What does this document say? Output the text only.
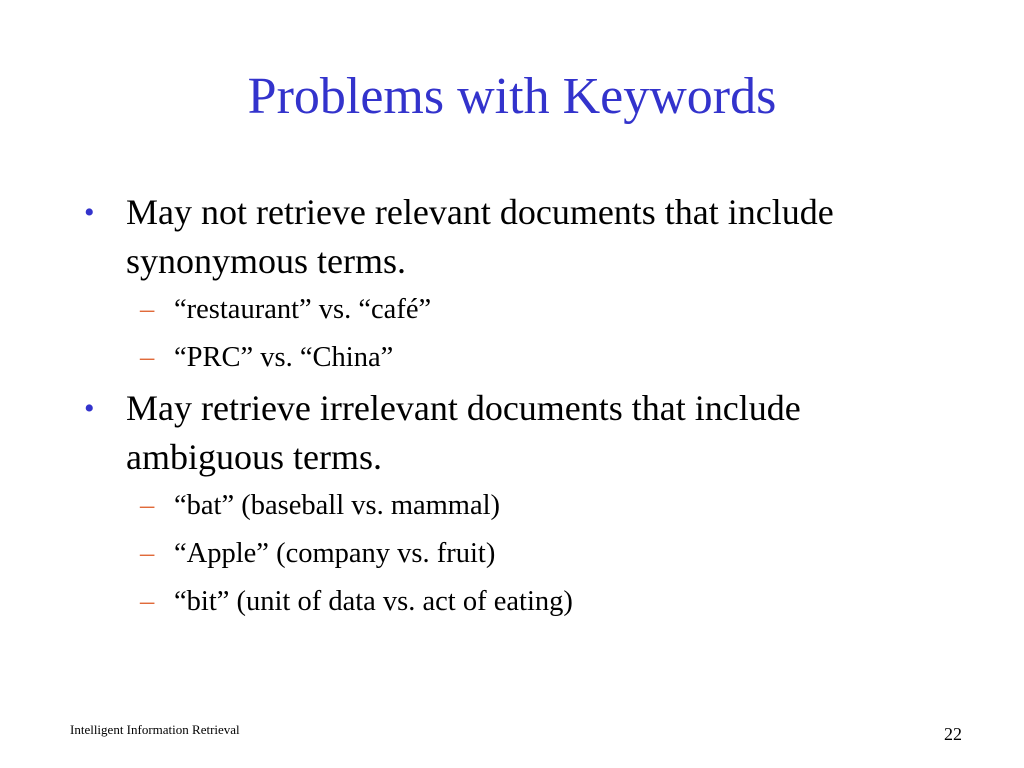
Problems with Keywords
• May not retrieve relevant documents that include
synonymous terms.
– “restaurant” vs. “café”
– “PRC” vs. “China”
• May retrieve irrelevant documents that include
ambiguous terms.
– “bat” (baseball vs. mammal)
– “Apple” (company vs. fruit)
– “bit” (unit of data vs. act of eating)
Intelligent Information Retrieval	22
